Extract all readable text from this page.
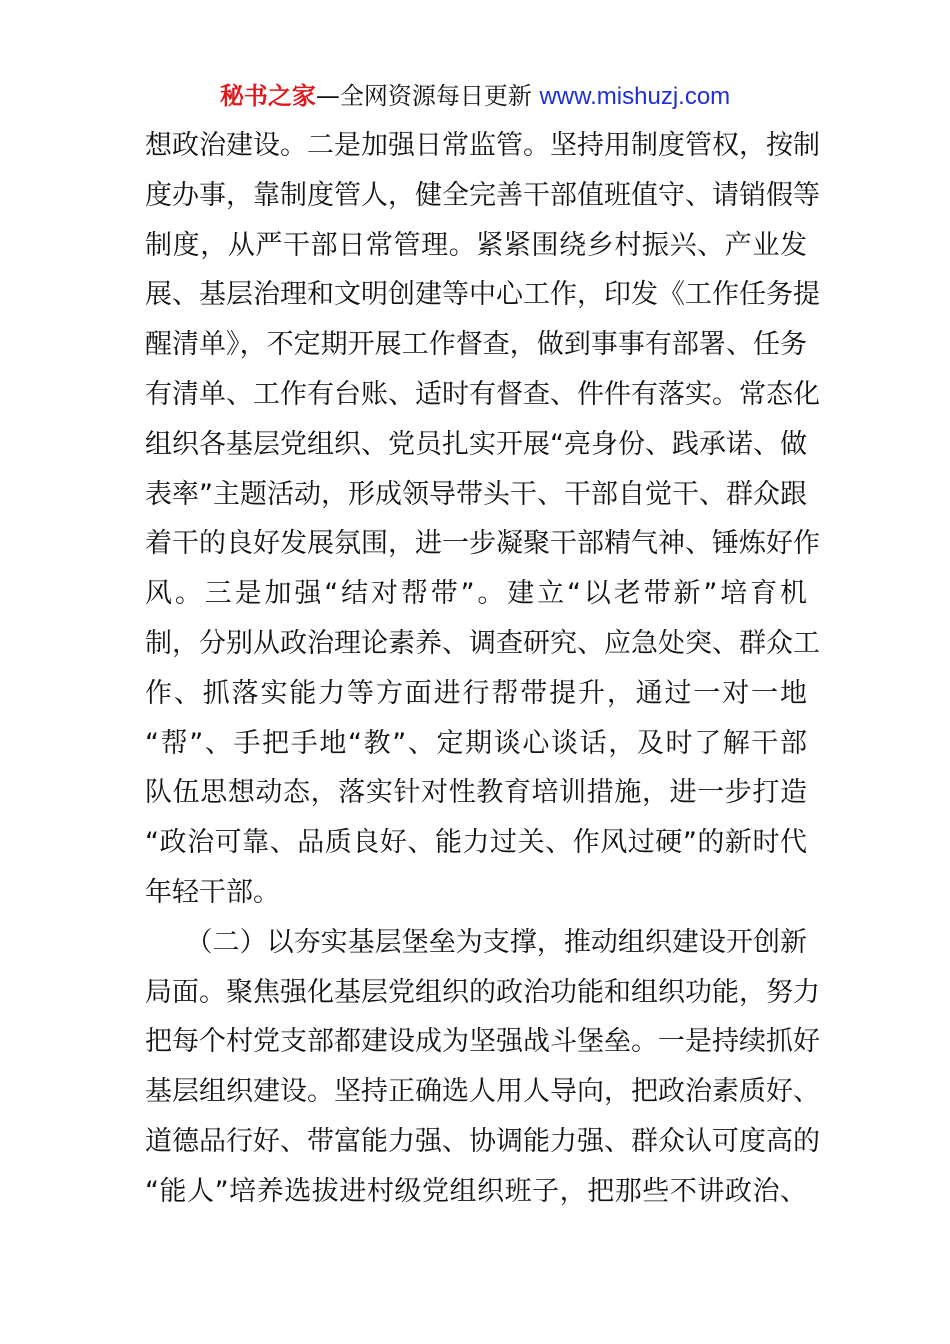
秘书之家—全网资源每日更新 www.mishuzj.com
想政治建设。二是加强日常监管。坚持用制度管权，按制
度办事，靠制度管人，健全完善干部值班值守、请销假等
制度，从严干部日常管理。紧紧围绕乡村振兴、产业发
展、基层治理和文明创建等中心工作，印发《工作任务提
醒清单》，不定期开展工作督查，做到事事有部署、任务
有清单、工作有台账、适时有督查、件件有落实。常态化
组织各基层党组织、党员扎实开展“亮身份、践承诺、做
表率”主题活动，形成领导带头干、干部自觉干、群众跟
着干的良好发展氛围，进一步凝聚干部精气神、锤炼好作
风。三是加强“结对帮带”。建立“以老带新”培育机
制，分别从政治理论素养、调查研究、应急处突、群众工
作、抓落实能力等方面进行帮带提升，通过一对一地
“帮”、手把手地“教”、定期谈心谈话，及时了解干部
队伍思想动态，落实针对性教育培训措施，进一步打造
“政治可靠、品质良好、能力过关、作风过硬”的新时代
年轻干部。
　　（二）以夯实基层堡垒为支撑，推动组织建设开创新
局面。聚焦强化基层党组织的政治功能和组织功能，努力
把每个村党支部都建设成为坚强战斗堡垒。一是持续抓好
基层组织建设。坚持正确选人用人导向，把政治素质好、
道德品行好、带富能力强、协调能力强、群众认可度高的
“能人”培养选拔进村级党组织班子，把那些不讲政治、
